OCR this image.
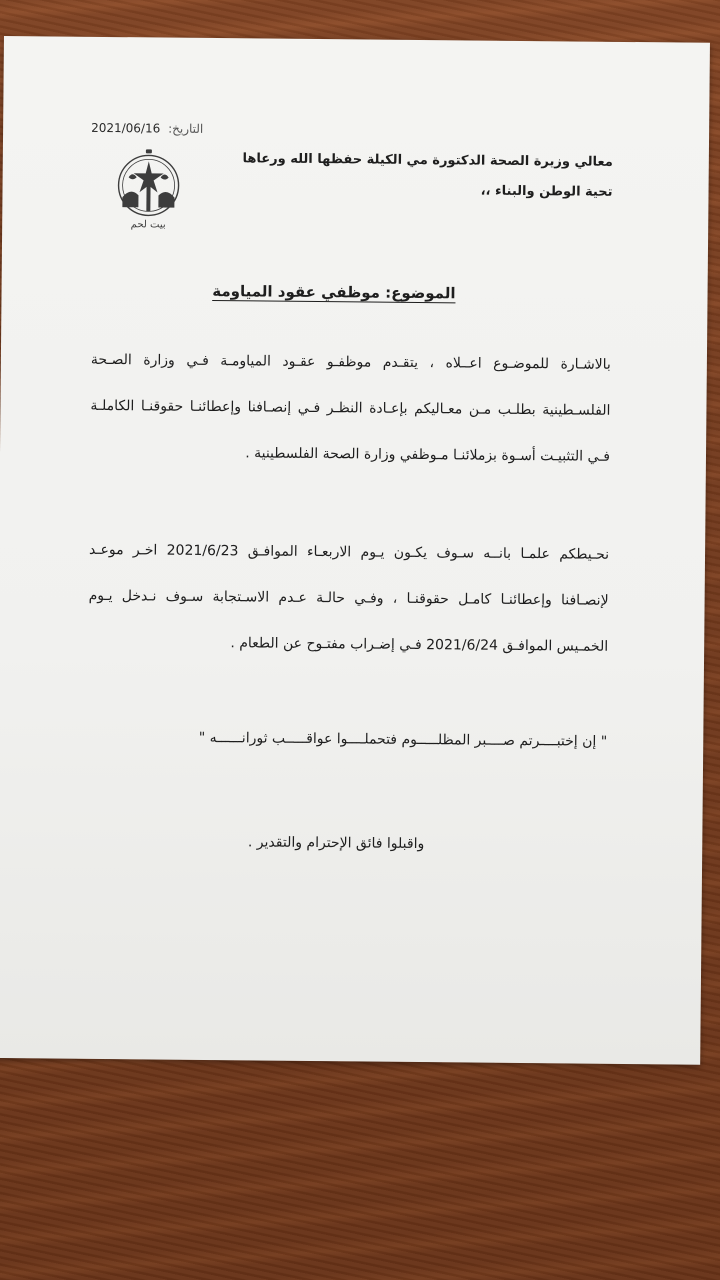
التاريخ: 2021/06/16
بيت لحم
معالي وزيرة الصحة الدكتورة مي الكيلة حفظها الله ورعاها
تحية الوطن والبناء ،،
الموضوع: موظفي عقود المياومة
بالاشـارة للموضـوع اعــلاه ، يتقـدم موظفـو عقـود المياومـة فـي وزارة الصـحة الفلسـطينية بطلـب مـن معـاليكم بإعـادة النظـر فـي إنصـافنا وإعطائنـا حقوقنـا الكاملـة فـي التثبيـت أسـوة بزملائنـا مـوظفي وزارة الصحة الفلسطينية .
نحـيطكم علمـا بانــه سـوف يكـون يـوم الاربعـاء الموافـق 2021/6/23 اخـر موعـد لإنصـافنا وإعطائنـا كامـل حقوقنـا ، وفـي حالـة عـدم الاسـتجابة سـوف نـدخل يـوم الخمـيس الموافـق 2021/6/24 فـي إضـراب مفتـوح عن الطعام .
" إن إختبــــرتم صــــبر المظلـــــوم فتحملــــوا عواقـــــب ثورانــــــه "
واقبلوا فائق الإحترام والتقدير .
